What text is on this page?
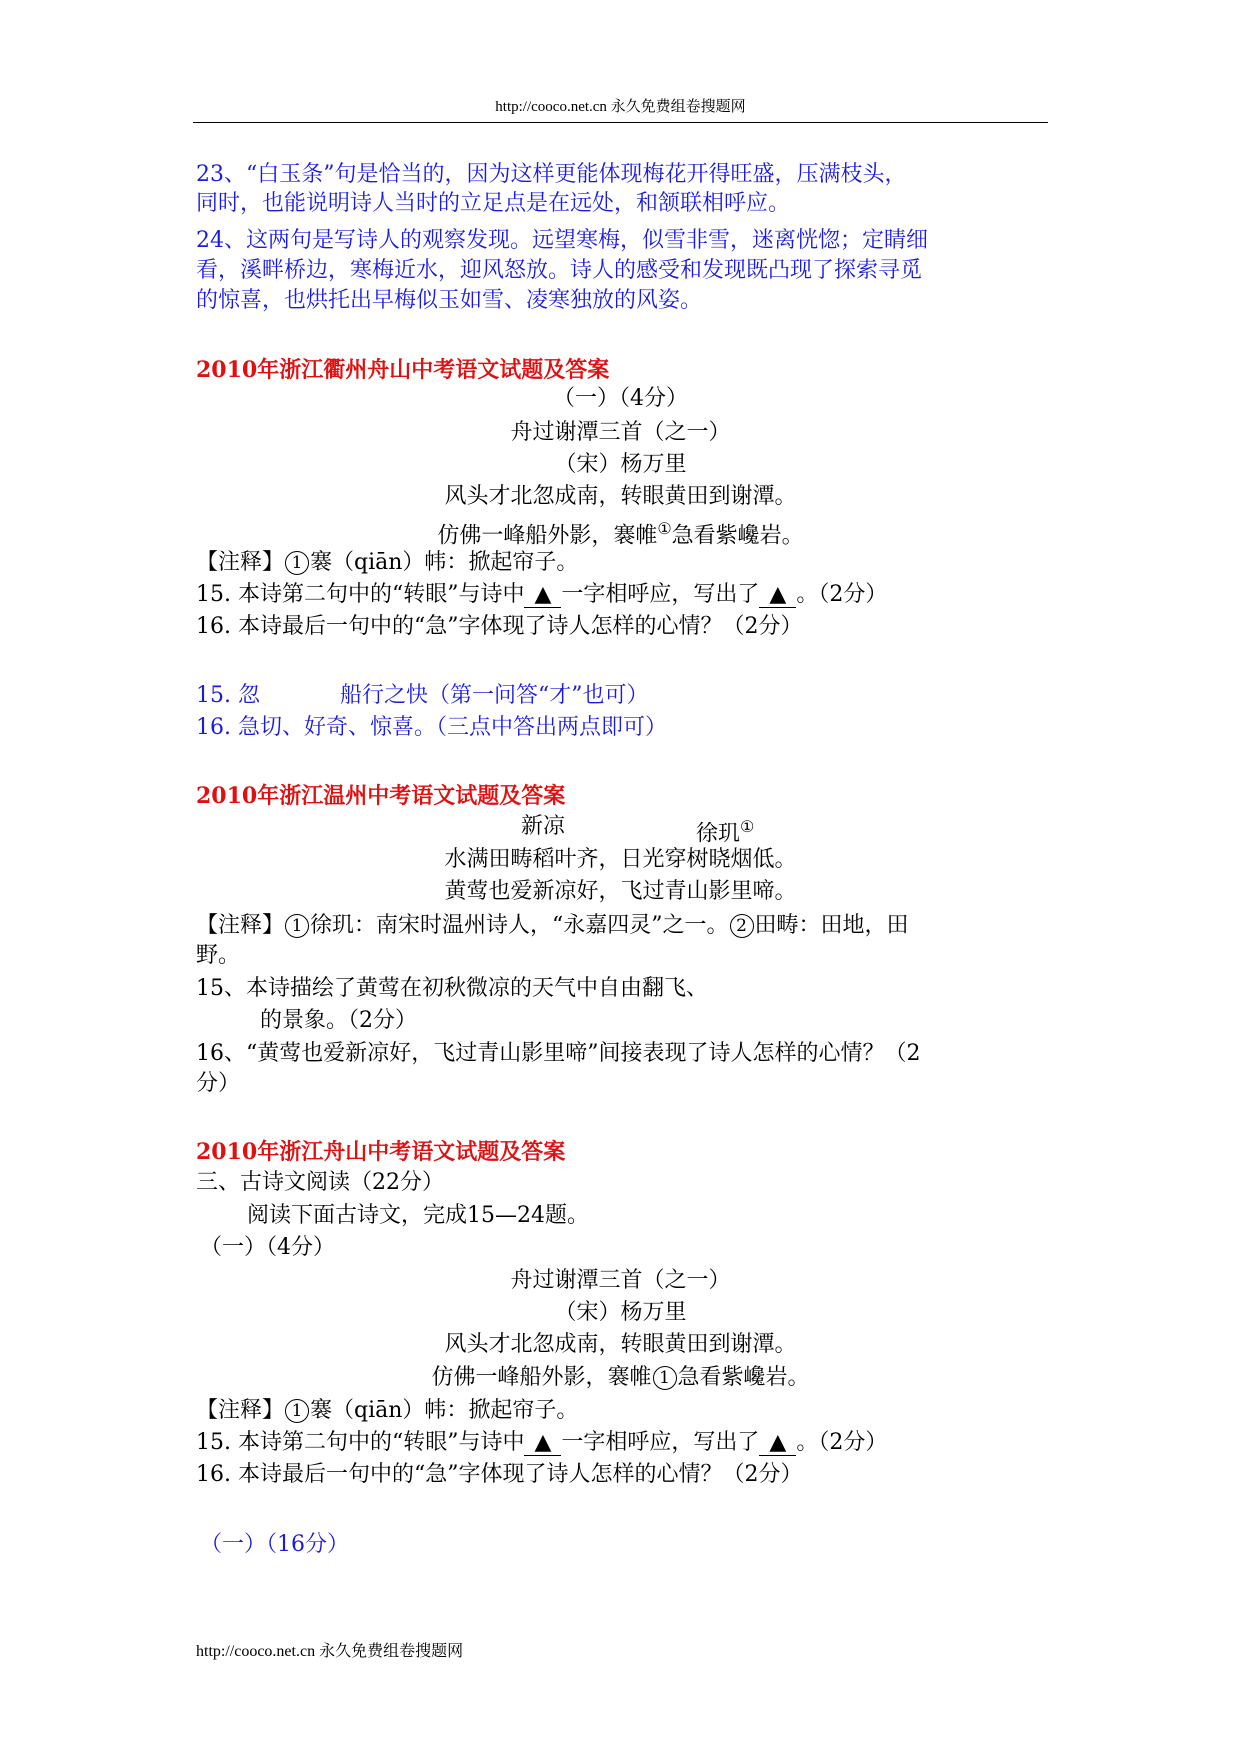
http://cooco.net.cn 永久免费组卷搜题网
23、“白玉条”句是恰当的，因为这样更能体现梅花开得旺盛，压满枝头，
同时，也能说明诗人当时的立足点是在远处，和颔联相呼应。
24、这两句是写诗人的观察发现。远望寒梅，似雪非雪，迷离恍惚；定睛细
看，溪畔桥边，寒梅近水，迎风怒放。诗人的感受和发现既凸现了探索寻觅
的惊喜，也烘托出早梅似玉如雪、凌寒独放的风姿。
2010年浙江衢州舟山中考语文试题及答案
（一）（4分）
舟过谢潭三首（之一）
（宋）杨万里
风头才北忽成南，转眼黄田到谢潭。
仿佛一峰船外影，褰帷①急看紫巉岩。
【注释】 1 褰（qiān）帏：掀起帘子。
15. 本诗第二句中的“转眼”与诗中 ▲ 一字相呼应，写出了 ▲ 。（2分）
16. 本诗最后一句中的“急”字体现了诗人怎样的心情？（2分）
15. 忽	船行之快（第一问答“才”也可）
16. 急切、好奇、惊喜。（三点中答出两点即可）
2010年浙江温州中考语文试题及答案
新凉	徐玑①
水满田畴稻叶齐，日光穿树晓烟低。
黄莺也爱新凉好，飞过青山影里啼。
【注释】 1 徐玑：南宋时温州诗人，“永嘉四灵”之一。 2 田畴：田地，田
野。
15、本诗描绘了黄莺在初秋微凉的天气中自由翻飞、
的景象。（2分）
16、“黄莺也爱新凉好，飞过青山影里啼”间接表现了诗人怎样的心情？（2
分）
2010年浙江舟山中考语文试题及答案
三、古诗文阅读（22分）
阅读下面古诗文，完成15—24题。
（一）（4分）
舟过谢潭三首（之一）
（宋）杨万里
风头才北忽成南，转眼黄田到谢潭。
仿佛一峰船外影，褰帷 1 急看紫巉岩。
【注释】 1 褰（qiān）帏：掀起帘子。
15. 本诗第二句中的“转眼”与诗中 ▲ 一字相呼应，写出了 ▲ 。（2分）
16. 本诗最后一句中的“急”字体现了诗人怎样的心情？（2分）
（一）（16分）
http://cooco.net.cn 永久免费组卷搜题网
